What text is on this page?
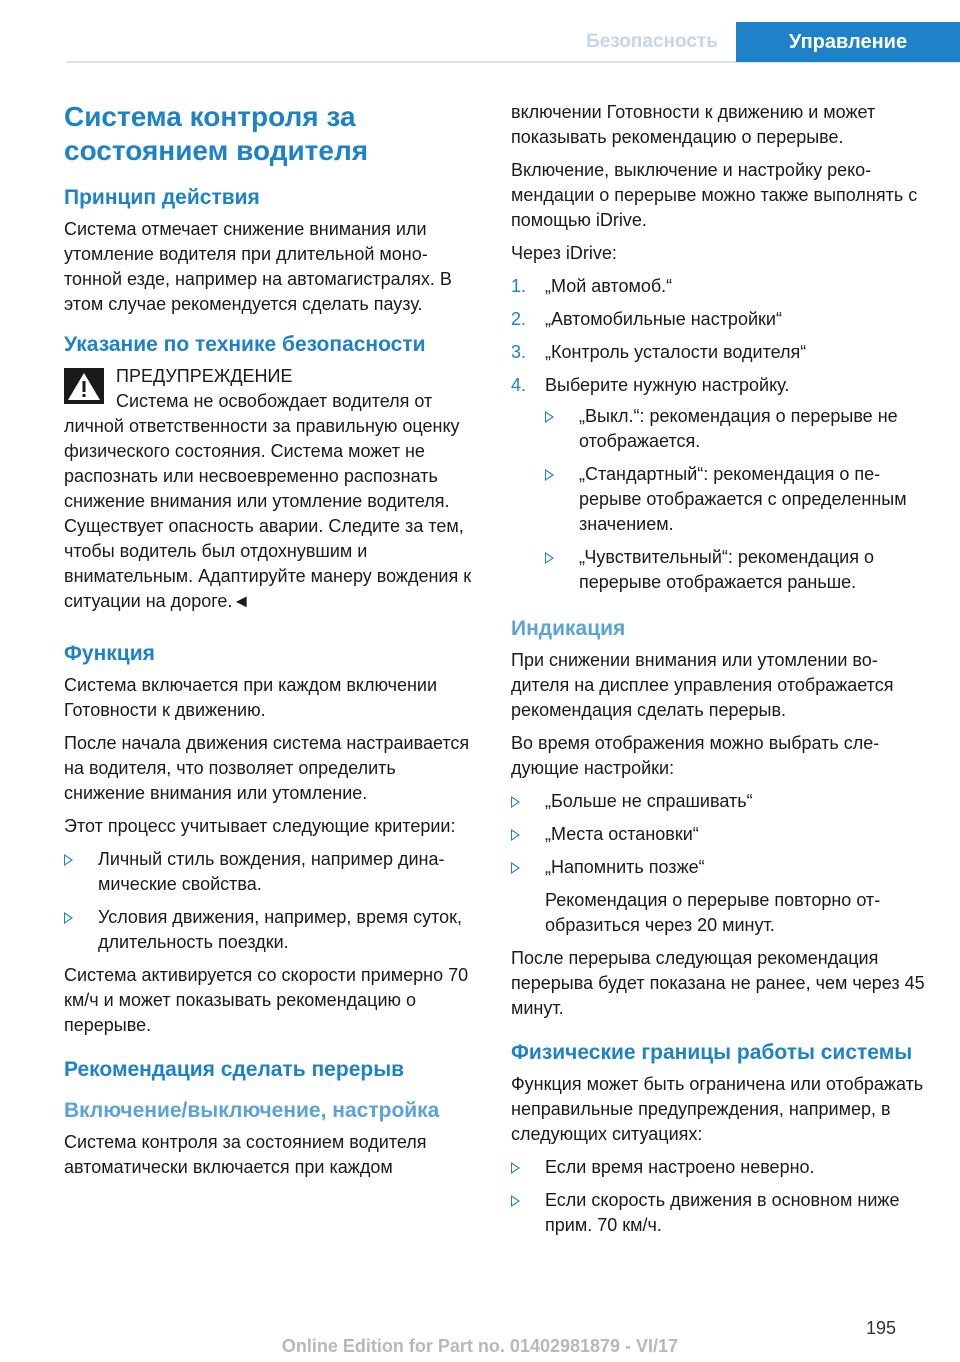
Безопасность	Управление
Система контроля за состоянием водителя
Принцип действия

Система отмечает снижение внимания или утомление водителя при длительной монотонной езде, например на автомагистралях. В этом случае рекомендуется сделать паузу.

Указание по технике безопасности
ПРЕДУПРЕЖДЕНИЕ
Система не освобождает водителя от
личной ответственности за правильную оценку физического состояния. Система может не распознать или несвоевременно распознать снижение внимания или утомление водителя. Существует опасность аварии. Следите за тем, чтобы водитель был отдохнувшим и внимательным. Адаптируйте манеру вождения к ситуации на дороге.◄
Функция

Система включается при каждом включении Готовности к движению.

После начала движения система настраивается на водителя, что позволяет определить снижение внимания или утомление.

Этот процесс учитывает следующие критерии:

Личный стиль вождения, например динамические свойства.
Условия движения, например, время суток, длительность поездки.

Система активируется со скорости примерно 70 км/ч и может показывать рекомендацию о перерыве.

Рекомендация сделать перерыв
Включение/выключение, настройка

Система контроля за состоянием водителя автоматически включается при каждом

включении Готовности к движению и может показывать рекомендацию о перерыве.

Включение, выключение и настройку рекомендации о перерыве можно также выполнять с помощью iDrive.

Через iDrive:

1. „Мой автомоб.“
2. „Автомобильные настройки“
3. „Контроль усталости водителя“
4. Выберите нужную настройку.
„Выкл.“: рекомендация о перерыве не отображается.
„Стандартный“: рекомендация о перерыве отображается с определенным значением.
„Чувствительный“: рекомендация о перерыве отображается раньше.
Индикация

При снижении внимания или утомлении водителя на дисплее управления отображается рекомендация сделать перерыв.

Во время отображения можно выбрать следующие настройки:

„Больше не спрашивать“
„Места остановки“
„Напомнить позже“
Рекомендация о перерыве повторно отобразиться через 20 минут.

После перерыва следующая рекомендация перерыва будет показана не ранее, чем через 45 минут.

Физические границы работы системы

Функция может быть ограничена или отображать неправильные предупреждения, например, в следующих ситуациях:

Если время настроено неверно.
Если скорость движения в основном ниже прим. 70 км/ч.
195
Online Edition for Part no. 01402981879 - VI/17
